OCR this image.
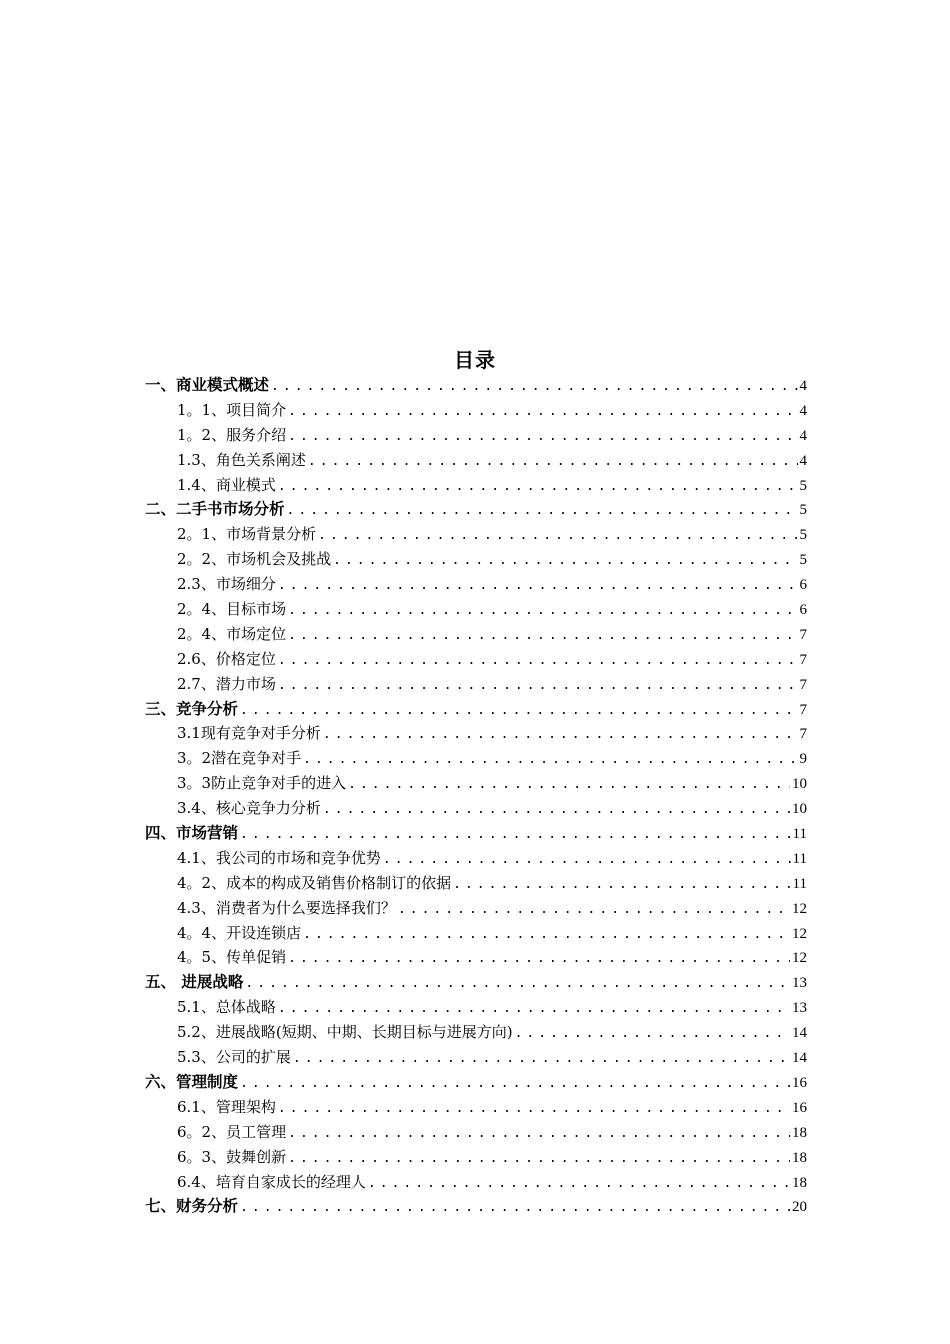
目录
一、商业模式概述 . . .	4
1。1、项目简介 . . .	4
1。2、服务介绍 . . .	4
1.3、角色关系阐述 . . .	4
1.4、商业模式 . . .	5
二、二手书市场分析 . . .	5
2。1、市场背景分析 . . .	5
2。2、市场机会及挑战 . . .	5
2.3、市场细分 . . .	6
2。4、目标市场 . . .	6
2。4、市场定位 . . .	7
2.6、价格定位 . . .	7
2.7、潜力市场 . . .	7
三、竞争分析 . . .	7
3.1现有竞争对手分析 . . .	7
3。2潜在竞争对手 . . .	9
3。3防止竞争对手的进入 . . .	10
3.4、核心竞争力分析 . . .	10
四、市场营销 . . .	11
4.1、我公司的市场和竞争优势 . . .	11
4。2、成本的构成及销售价格制订的依据 . . .	11
4.3、消费者为什么要选择我们？ . . .	12
4。4、开设连锁店 . . .	12
4。5、传单促销 . . .	12
五、 进展战略 . . .	13
5.1、总体战略 . . .	13
5.2、进展战略(短期、中期、长期目标与进展方向) . . .	14
5.3、公司的扩展 . . .	14
六、管理制度 . . .	16
6.1、管理架构 . . .	16
6。2、员工管理 . . .	18
6。3、鼓舞创新 . . .	18
6.4、培育自家成长的经理人 . . .	18
七、财务分析 . . .	20
